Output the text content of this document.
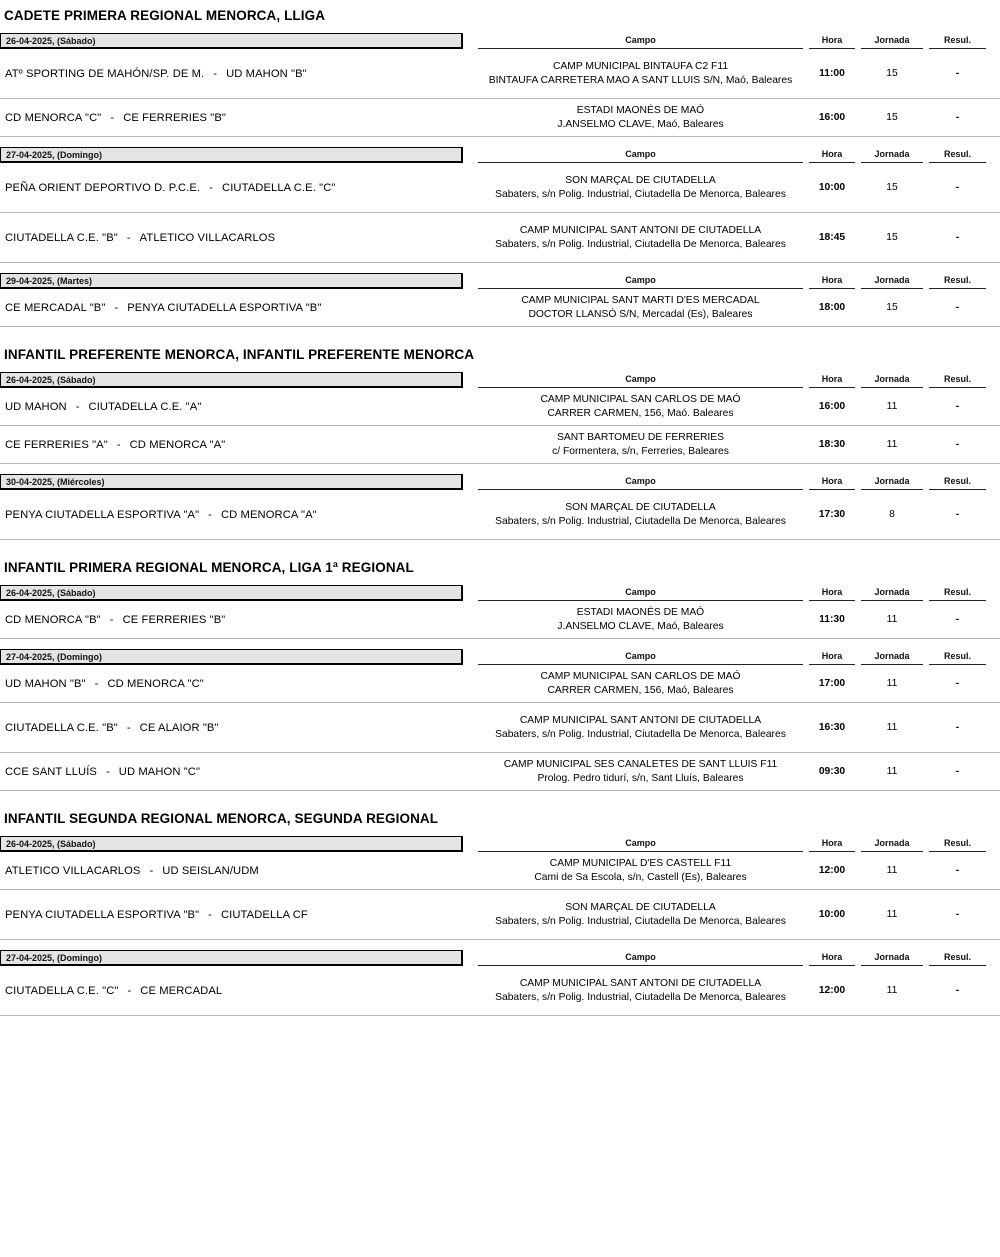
CADETE PRIMERA REGIONAL MENORCA, LLIGA
26-04-2025, (Sábado)	Campo	Hora	Jornada	Resul.
ATº SPORTING DE MAHÓN/SP. DE M. - UD MAHON "B"
CAMP MUNICIPAL BINTAUFA C2 F11
BINTAUFA CARRETERA MAO A SANT LLUIS S/N, Maó, Baleares
11:00	15	-
CD MENORCA "C" - CE FERRERIES "B"
ESTADI MAONÉS DE MAÓ
J.ANSELMO CLAVE, Maó, Baleares
16:00	15	-
27-04-2025, (Domingo)	Campo	Hora	Jornada	Resul.
PEÑA ORIENT DEPORTIVO D. P.C.E. - CIUTADELLA C.E. "C"
SON MARÇAL DE CIUTADELLA
Sabaters, s/n Polig. Industrial, Ciutadella De Menorca, Baleares
10:00	15	-
CIUTADELLA C.E. "B" - ATLETICO VILLACARLOS
CAMP MUNICIPAL SANT ANTONI DE CIUTADELLA
Sabaters, s/n Polig. Industrial, Ciutadella De Menorca, Baleares
18:45	15	-
29-04-2025, (Martes)	Campo	Hora	Jornada	Resul.
CE MERCADAL "B" - PENYA CIUTADELLA ESPORTIVA "B"
CAMP MUNICIPAL SANT MARTI D'ES MERCADAL
DOCTOR LLANSÓ S/N, Mercadal (Es), Baleares
18:00	15	-
INFANTIL PREFERENTE MENORCA, INFANTIL PREFERENTE MENORCA
26-04-2025, (Sábado)	Campo	Hora	Jornada	Resul.
UD MAHON - CIUTADELLA C.E. "A"
CAMP MUNICIPAL SAN CARLOS DE MAÓ
CARRER CARMEN, 156, Maó. Baleares
16:00	11	-
CE FERRERIES "A" - CD MENORCA "A"
SANT BARTOMEU DE FERRERIES
c/ Formentera, s/n, Ferreries, Baleares
18:30	11	-
30-04-2025, (Miércoles)	Campo	Hora	Jornada	Resul.
PENYA CIUTADELLA ESPORTIVA "A" - CD MENORCA "A"
SON MARÇAL DE CIUTADELLA
Sabaters, s/n Polig. Industrial, Ciutadella De Menorca, Baleares
17:30	8	-
INFANTIL PRIMERA REGIONAL MENORCA, LIGA 1ª REGIONAL
26-04-2025, (Sábado)	Campo	Hora	Jornada	Resul.
CD MENORCA "B" - CE FERRERIES "B"
ESTADI MAONÉS DE MAÓ
J.ANSELMO CLAVE, Maó, Baleares
11:30	11	-
27-04-2025, (Domingo)	Campo	Hora	Jornada	Resul.
UD MAHON "B" - CD MENORCA "C"
CAMP MUNICIPAL SAN CARLOS DE MAÓ
CARRER CARMEN, 156, Maó, Baleares
17:00	11	-
CIUTADELLA C.E. "B" - CE ALAIOR "B"
CAMP MUNICIPAL SANT ANTONI DE CIUTADELLA
Sabaters, s/n Polig. Industrial, Ciutadella De Menorca, Baleares
16:30	11	-
CCE SANT LLUÍS - UD MAHON "C"
CAMP MUNICIPAL SES CANALETES DE SANT LLUIS F11
Prolog. Pedro tidurí, s/n, Sant Lluís, Baleares
09:30	11	-
INFANTIL SEGUNDA REGIONAL MENORCA, SEGUNDA REGIONAL
26-04-2025, (Sábado)	Campo	Hora	Jornada	Resul.
ATLETICO VILLACARLOS - UD SEISLAN/UDM
CAMP MUNICIPAL D'ES CASTELL F11
Cami de Sa Escola, s/n, Castell (Es), Baleares
12:00	11	-
PENYA CIUTADELLA ESPORTIVA "B" - CIUTADELLA CF
SON MARÇAL DE CIUTADELLA
Sabaters, s/n Polig. Industrial, Ciutadella De Menorca, Baleares
10:00	11	-
27-04-2025, (Domingo)	Campo	Hora	Jornada	Resul.
CIUTADELLA C.E. "C" - CE MERCADAL
CAMP MUNICIPAL SANT ANTONI DE CIUTADELLA
Sabaters, s/n Polig. Industrial, Ciutadella De Menorca, Baleares
12:00	11	-
